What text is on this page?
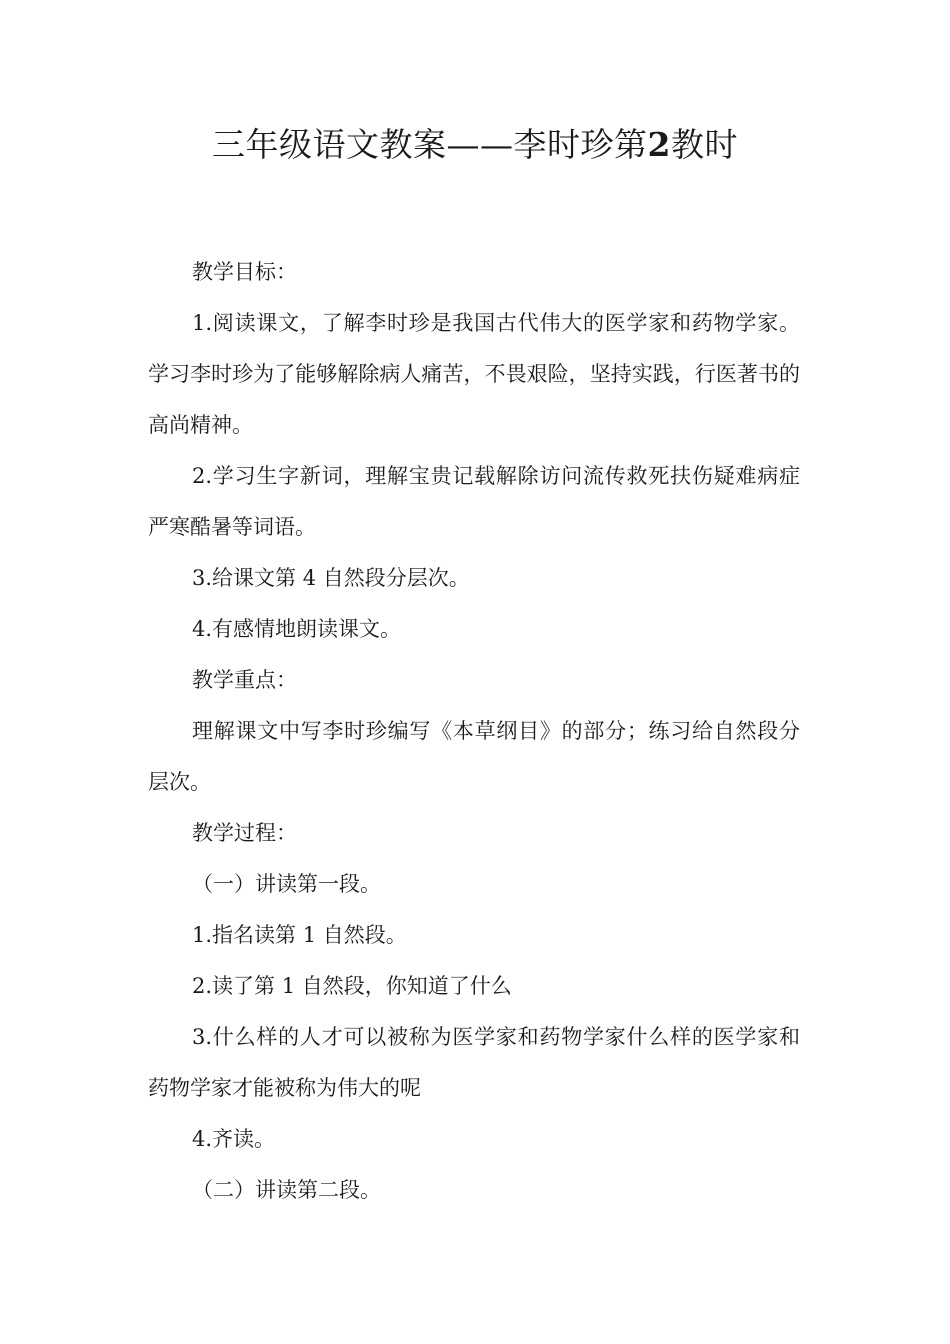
三年级语文教案——李时珍第2教时

教学目标：

1.阅读课文，了解李时珍是我国古代伟大的医学家和药物学家。学习李时珍为了能够解除病人痛苦，不畏艰险，坚持实践，行医著书的高尚精神。

2.学习生字新词，理解宝贵记载解除访问流传救死扶伤疑难病症严寒酷暑等词语。

3.给课文第 4 自然段分层次。

4.有感情地朗读课文。

教学重点：

理解课文中写李时珍编写《本草纲目》的部分；练习给自然段分层次。

教学过程：

（一）讲读第一段。

1.指名读第 1 自然段。

2.读了第 1 自然段，你知道了什么

3.什么样的人才可以被称为医学家和药物学家什么样的医学家和药物学家才能被称为伟大的呢

4.齐读。

（二）讲读第二段。
